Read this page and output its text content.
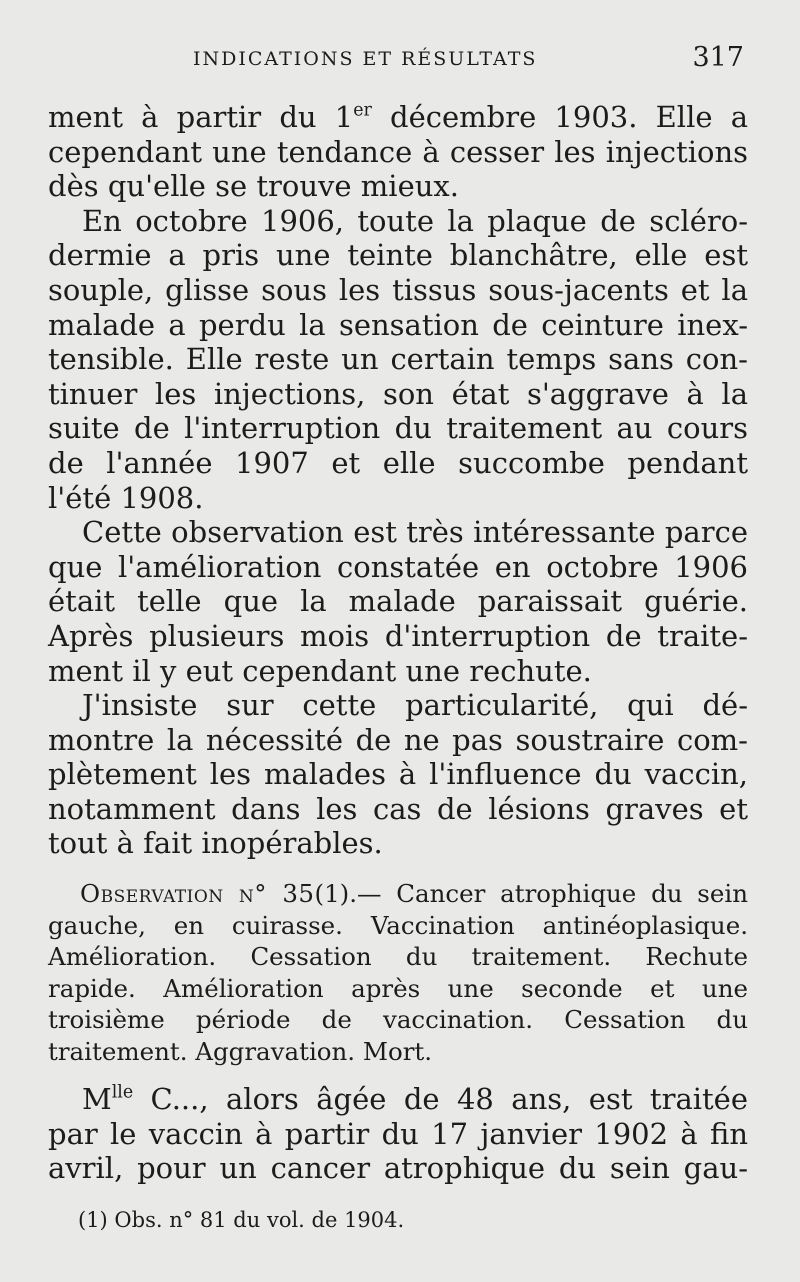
INDICATIONS ET RÉSULTATS	317
ment à partir du 1er décembre 1903. Elle a
cependant une tendance à cesser les injections
dès qu'elle se trouve mieux.
En octobre 1906, toute la plaque de scléro-
dermie a pris une teinte blanchâtre, elle est
souple, glisse sous les tissus sous-jacents et la
malade a perdu la sensation de ceinture inex-
tensible. Elle reste un certain temps sans con-
tinuer les injections, son état s'aggrave à la
suite de l'interruption du traitement au cours
de l'année 1907 et elle succombe pendant
l'été 1908.
Cette observation est très intéressante parce
que l'amélioration constatée en octobre 1906
était telle que la malade paraissait guérie.
Après plusieurs mois d'interruption de traite-
ment il y eut cependant une rechute.
J'insiste sur cette particularité, qui dé-
montre la nécessité de ne pas soustraire com-
plètement les malades à l'influence du vaccin,
notamment dans les cas de lésions graves et
tout à fait inopérables.
Observation n° 35(1).— Cancer atrophique du sein
gauche, en cuirasse. Vaccination antinéoplasique.
Amélioration. Cessation du traitement. Rechute
rapide. Amélioration après une seconde et une
troisième période de vaccination. Cessation du
traitement. Aggravation. Mort.
$M^{lle}$ C..., alors âgée de 48 ans, est traitée
par le vaccin à partir du 17 janvier 1902 à fin
avril, pour un cancer atrophique du sein gau-
(1) Obs. n° 81 du vol. de 1904.
